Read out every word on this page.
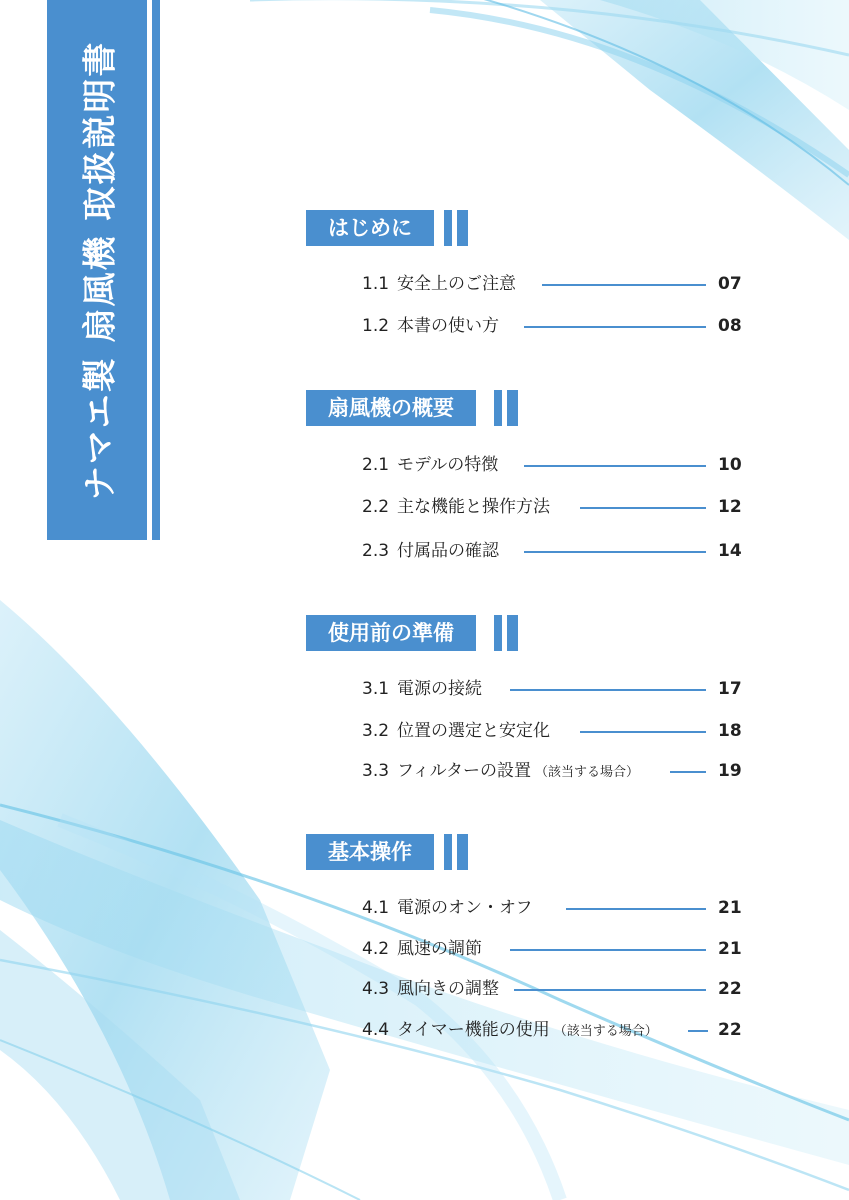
ナマエ製 扇風機 取扱説明書	はじめに
1.1 安全上のご注意	07
1.2 本書の使い方	08
扇風機の概要
2.1 モデルの特徴	10
2.2 主な機能と操作方法	12
2.3 付属品の確認	14
使用前の準備
3.1 電源の接続	17
3.2 位置の選定と安定化	18
3.3 フィルターの設置 （該当する場合）	19
基本操作
4.1 電源のオン・オフ	21
4.2 風速の調節	21
4.3 風向きの調整	22
4.4 タイマー機能の使用 （該当する場合）	22
